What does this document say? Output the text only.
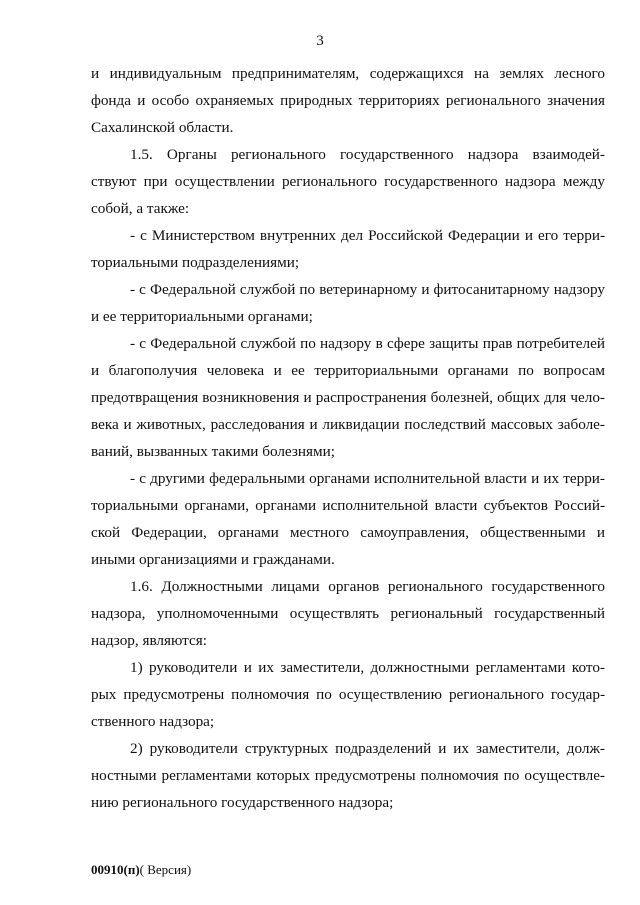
3
и индивидуальным предпринимателям, содержащихся на землях лесного
фонда и особо охраняемых природных территориях регионального значения
Сахалинской области.
1.5. Органы регионального государственного надзора взаимодей-
ствуют при осуществлении регионального государственного надзора между
собой, а также:
- с Министерством внутренних дел Российской Федерации и его терри-
ториальными подразделениями;
- с Федеральной службой по ветеринарному и фитосанитарному надзору
и ее территориальными органами;
- с Федеральной службой по надзору в сфере защиты прав потребителей
и благополучия человека и ее территориальными органами по вопросам
предотвращения возникновения и распространения болезней, общих для чело-
века и животных, расследования и ликвидации последствий массовых заболе-
ваний, вызванных такими болезнями;
- с другими федеральными органами исполнительной власти и их терри-
ториальными органами, органами исполнительной власти субъектов Россий-
ской Федерации, органами местного самоуправления, общественными и
иными организациями и гражданами.
1.6. Должностными лицами органов регионального государственного
надзора, уполномоченными осуществлять региональный государственный
надзор, являются:
1) руководители и их заместители, должностными регламентами кото-
рых предусмотрены полномочия по осуществлению регионального государ-
ственного надзора;
2) руководители структурных подразделений и их заместители, долж-
ностными регламентами которых предусмотрены полномочия по осуществле-
нию регионального государственного надзора;
00910(п)( Версия)
